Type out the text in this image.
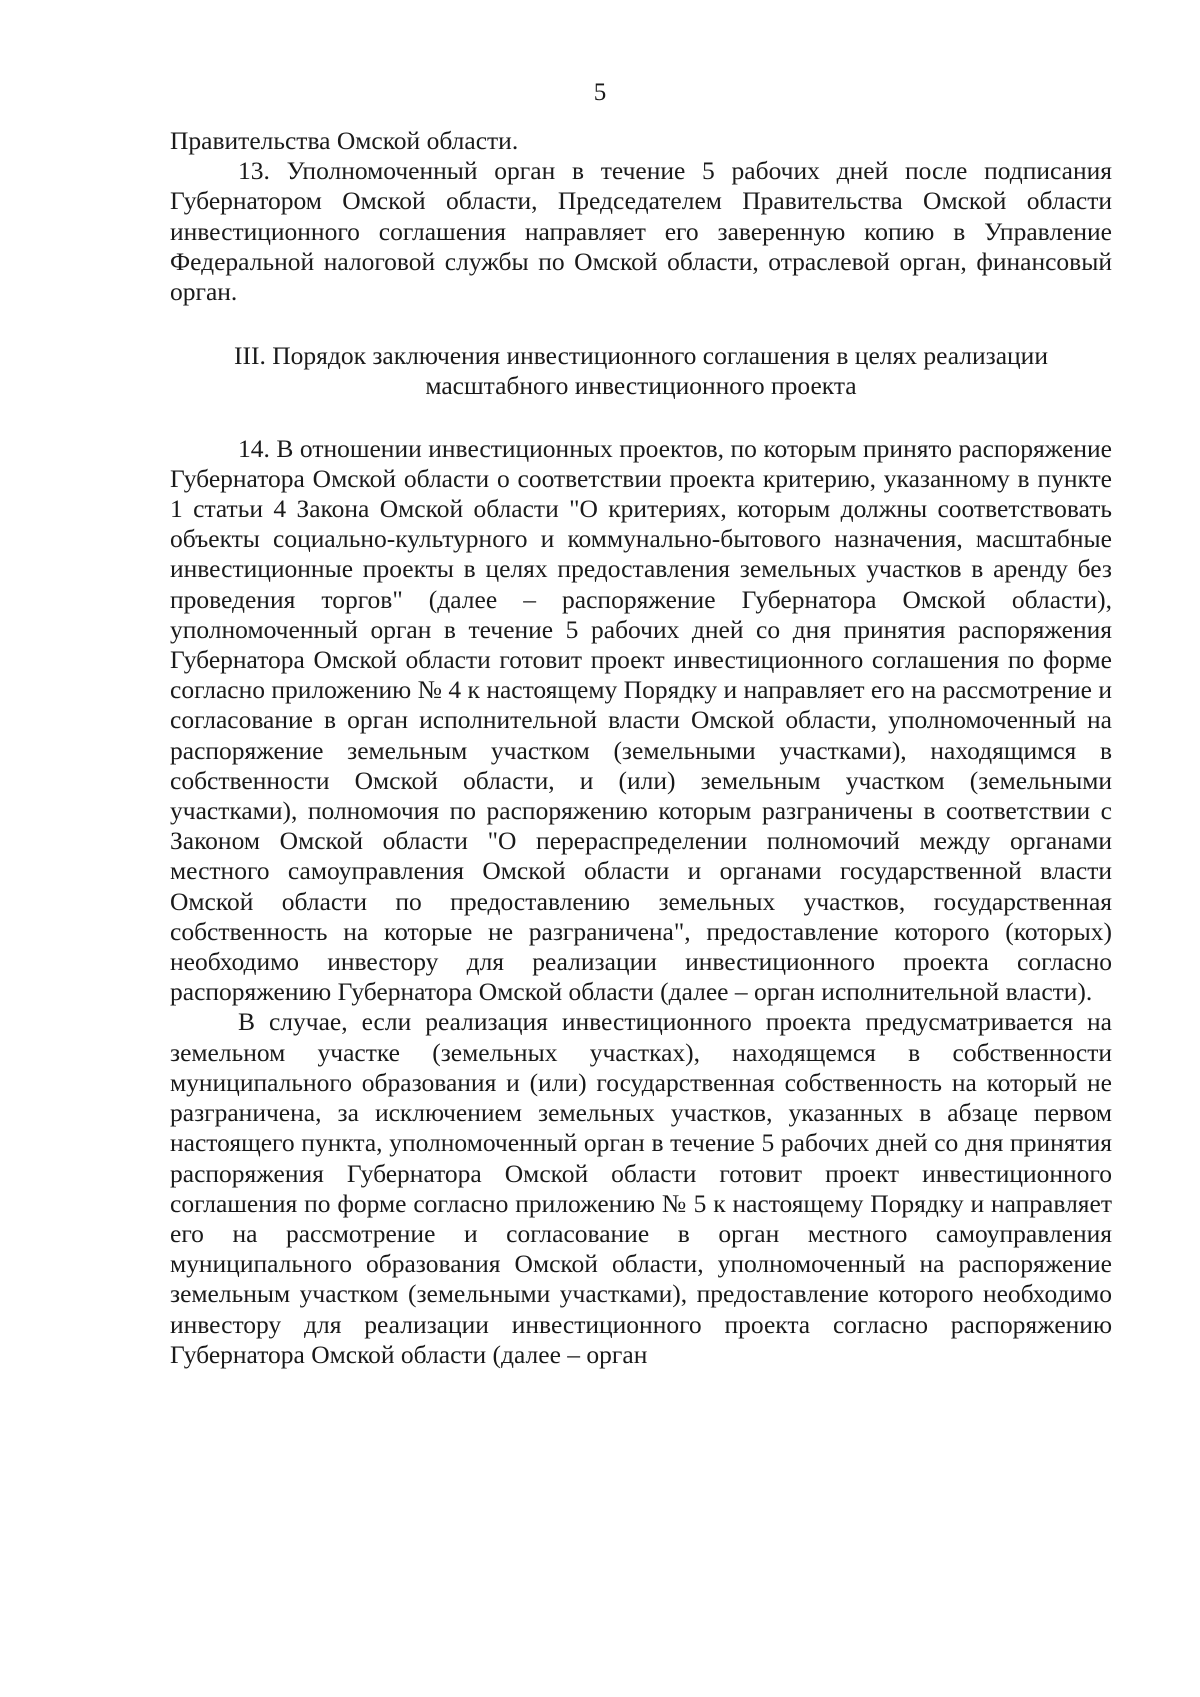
5

Правительства Омской области.

13. Уполномоченный орган в течение 5 рабочих дней после подписания Губернатором Омской области, Председателем Правительства Омской области инвестиционного соглашения направляет его заверенную копию в Управление Федеральной налоговой службы по Омской области, отраслевой орган, финансовый орган.

III. Порядок заключения инвестиционного соглашения в целях реализации
масштабного инвестиционного проекта

14. В отношении инвестиционных проектов, по которым принято распоряжение Губернатора Омской области о соответствии проекта критерию, указанному в пункте 1 статьи 4 Закона Омской области "О критериях, которым должны соответствовать объекты социально-культурного и коммунально-бытового назначения, масштабные инвестиционные проекты в целях предоставления земельных участков в аренду без проведения торгов" (далее – распоряжение Губернатора Омской области), уполномоченный орган в течение 5 рабочих дней со дня принятия распоряжения Губернатора Омской области готовит проект инвестиционного соглашения по форме согласно приложению № 4 к настоящему Порядку и направляет его на рассмотрение и согласование в орган исполнительной власти Омской области, уполномоченный на распоряжение земельным участком (земельными участками), находящимся в собственности Омской области, и (или) земельным участком (земельными участками), полномочия по распоряжению которым разграничены в соответствии с Законом Омской области "О перераспределении полномочий между органами местного самоуправления Омской области и органами государственной власти Омской области по предоставлению земельных участков, государственная собственность на которые не разграничена", предоставление которого (которых) необходимо инвестору для реализации инвестиционного проекта согласно распоряжению Губернатора Омской области (далее – орган исполнительной власти).

В случае, если реализация инвестиционного проекта предусматривается на земельном участке (земельных участках), находящемся в собственности муниципального образования и (или) государственная собственность на который не разграничена, за исключением земельных участков, указанных в абзаце первом настоящего пункта, уполномоченный орган в течение 5 рабочих дней со дня принятия распоряжения Губернатора Омской области готовит проект инвестиционного соглашения по форме согласно приложению № 5 к настоящему Порядку и направляет его на рассмотрение и согласование в орган местного самоуправления муниципального образования Омской области, уполномоченный на распоряжение земельным участком (земельными участками), предоставление которого необходимо инвестору для реализации инвестиционного проекта согласно распоряжению Губернатора Омской области (далее – орган
